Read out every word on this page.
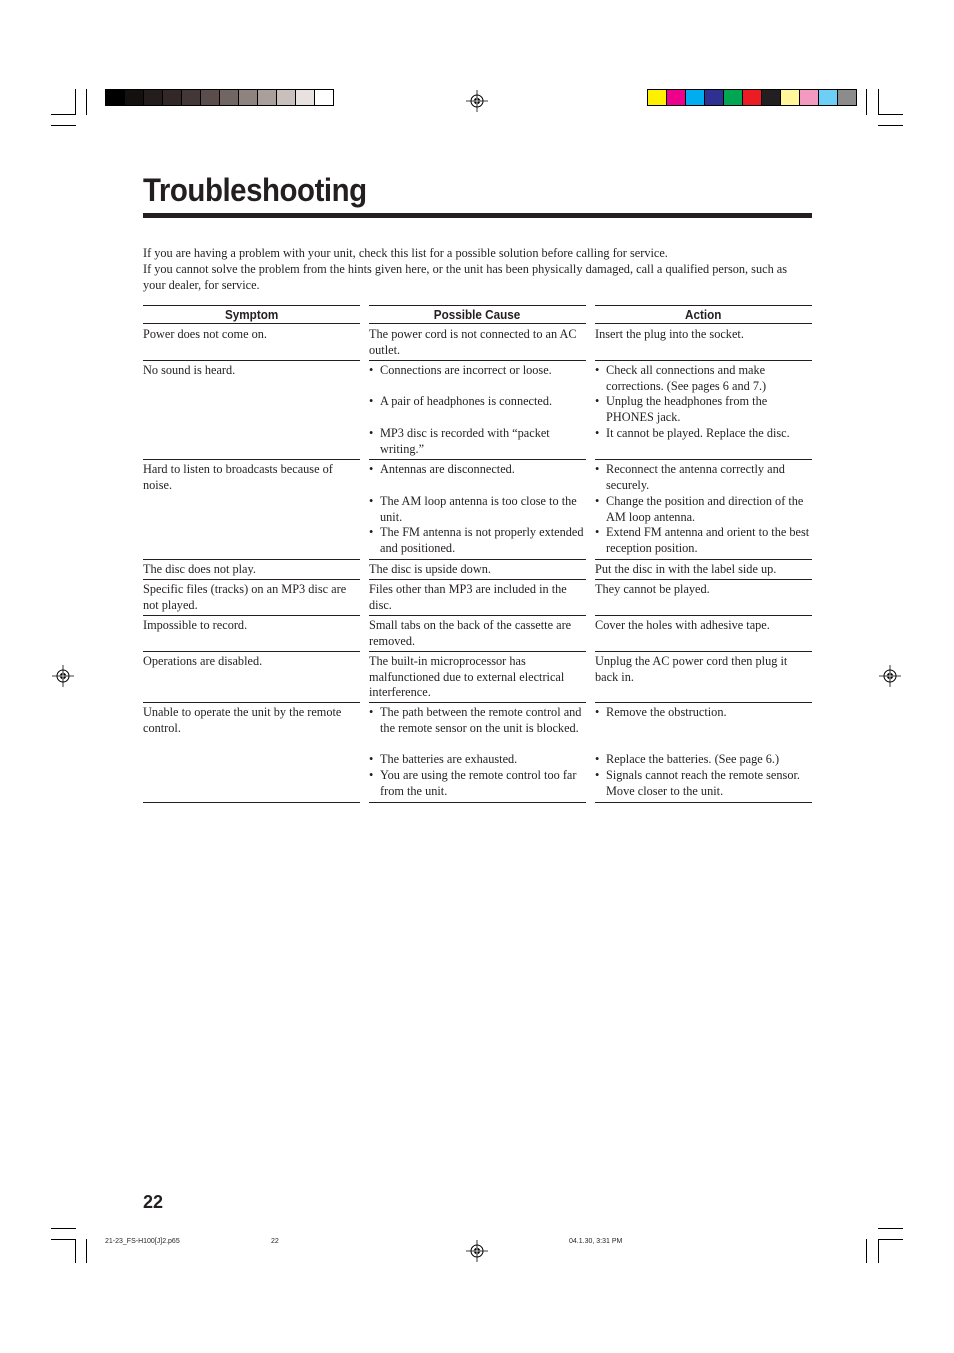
Troubleshooting

If you are having a problem with your unit, check this list for a possible solution before calling for service.

If you cannot solve the problem from the hints given here, or the unit has been physically damaged, call a qualified person, such as your dealer, for service.

Symptom

Power does not come on.

No sound is heard.

Hard to listen to broadcasts because of noise.

The disc does not play.

Specific files (tracks) on an MP3 disc are not played.

Impossible to record.

Operations are disabled.

Unable to operate the unit by the remote control.

Possible Cause

The power cord is not connected to an AC outlet.

• Connections are incorrect or loose.

• A pair of headphones is connected.

• MP3 disc is recorded with “packet writing.”

• Antennas are disconnected.

• The AM loop antenna is too close to the unit.

• The FM antenna is not properly extended and positioned.

The disc is upside down.

Files other than MP3 are included in the disc.

Small tabs on the back of the cassette are removed.

The built-in microprocessor has malfunctioned due to external electrical interference.

• The path between the remote control and the remote sensor on the unit is blocked.

• The batteries are exhausted.

• You are using the remote control too far from the unit.

Action

Insert the plug into the socket.

• Check all connections and make corrections. (See pages 6 and 7.)

• Unplug the headphones from the PHONES jack.

• It cannot be played. Replace the disc.

• Reconnect the antenna correctly and securely.

• Change the position and direction of the AM loop antenna.

• Extend FM antenna and orient to the best reception position.

Put the disc in with the label side up.

They cannot be played.

Cover the holes with adhesive tape.

Unplug the AC power cord then plug it back in.

• Remove the obstruction.

• Replace the batteries. (See page 6.)

• Signals cannot reach the remote sensor. Move closer to the unit.

22
21-23_FS-H100[J]2.p65	22	04.1.30, 3:31 PM
